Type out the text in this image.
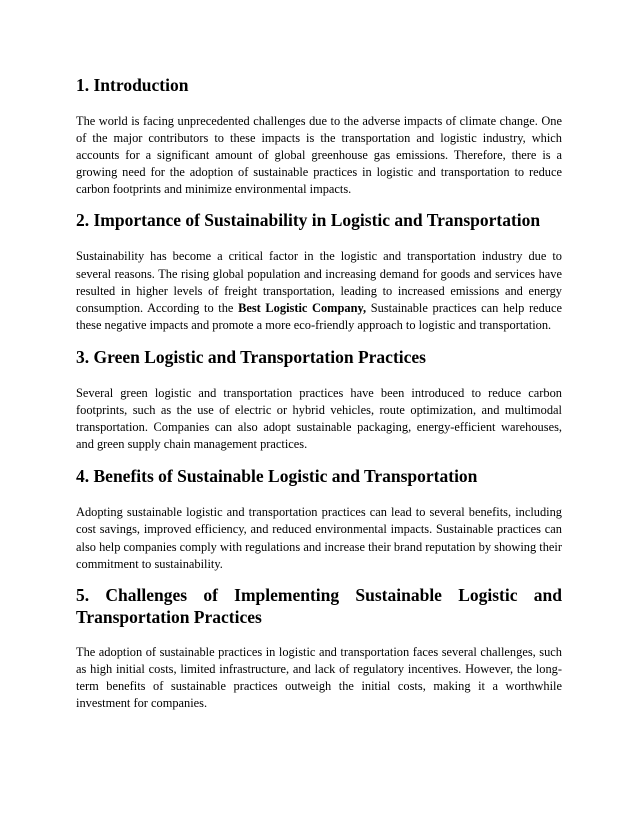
1. Introduction

The world is facing unprecedented challenges due to the adverse impacts of climate change. One of the major contributors to these impacts is the transportation and logistic industry, which accounts for a significant amount of global greenhouse gas emissions. Therefore, there is a growing need for the adoption of sustainable practices in logistic and transportation to reduce carbon footprints and minimize environmental impacts.

2. Importance of Sustainability in Logistic and Transportation

Sustainability has become a critical factor in the logistic and transportation industry due to several reasons. The rising global population and increasing demand for goods and services have resulted in higher levels of freight transportation, leading to increased emissions and energy consumption. According to the Best Logistic Company, Sustainable practices can help reduce these negative impacts and promote a more eco-friendly approach to logistic and transportation.

3. Green Logistic and Transportation Practices

Several green logistic and transportation practices have been introduced to reduce carbon footprints, such as the use of electric or hybrid vehicles, route optimization, and multimodal transportation. Companies can also adopt sustainable packaging, energy-efficient warehouses, and green supply chain management practices.

4. Benefits of Sustainable Logistic and Transportation

Adopting sustainable logistic and transportation practices can lead to several benefits, including cost savings, improved efficiency, and reduced environmental impacts. Sustainable practices can also help companies comply with regulations and increase their brand reputation by showing their commitment to sustainability.

5. Challenges of Implementing Sustainable Logistic and
Transportation Practices

The adoption of sustainable practices in logistic and transportation faces several challenges, such as high initial costs, limited infrastructure, and lack of regulatory incentives. However, the long-term benefits of sustainable practices outweigh the initial costs, making it a worthwhile investment for companies.
